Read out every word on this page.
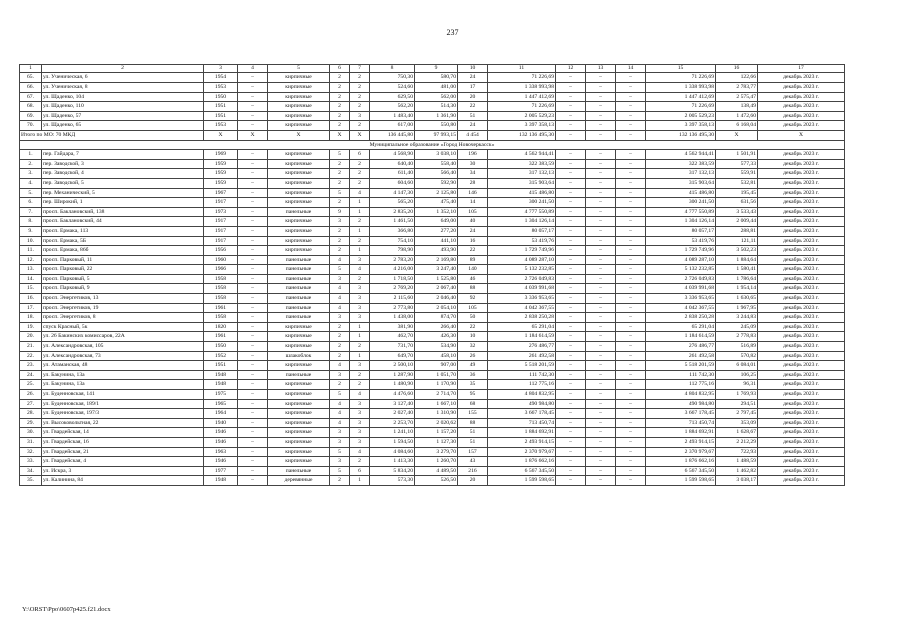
237
1	2	3	4	5	6	7	8	9	10	11	12	13	14	15	16	17
65.	ул. Ученическая, 6	1954	–	кирпичные	2	2	750,30	580,70	24	71 226,69	–	–	–	71 226,69	122,66	декабрь 2023 г.
66.	ул. Ученическая, 8	1953	–	кирпичные	2	2	524,60	481,00	17	1 338 993,98	–	–	–	1 338 993,98	2 783,77	декабрь 2023 г.
67.	ул. Щаденко, 104	1950	–	кирпичные	2	2	629,50	562,00	20	1 447 412,69	–	–	–	1 447 412,69	2 575,47	декабрь 2023 г.
68.	ул. Щаденко, 110	1951	–	кирпичные	2	2	562,20	514,30	22	71 226,69	–	–	–	71 226,69	138,49	декабрь 2023 г.
69.	ул. Щаденко, 57	1951	–	кирпичные	2	3	1 483,40	1 361,90	51	2 005 529,23	–	–	–	2 005 529,23	1 472,60	декабрь 2023 г.
70.	ул. Щаденко, 65	1953	–	кирпичные	2	2	617,00	550,80	24	3 397 358,13	–	–	–	3 397 358,13	6 168,04	декабрь 2023 г.
Итого по МО: 70 МКД		X	X	X	X	X	136 445,80	97 993,15	4 454	132 136 495,30	–	–	–	132 136 495,30	X	X
Муниципальное образование «Город Новочеркасск»																
1.	пер. Гайдара, 7	1969	–	кирпичные	5	6	4 568,90	3 038,10	196	4 562 944,41	–	–	–	4 562 944,41	1 501,91	декабрь 2023 г.
2.	пер. Заводской, 3	1959	–	кирпичные	2	2	640,40	558,40	30	322 383,59	–	–	–	322 383,59	577,33	декабрь 2023 г.
3.	пер. Заводской, 4	1959	–	кирпичные	2	2	611,40	566,40	34	317 132,13	–	–	–	317 132,13	559,91	декабрь 2023 г.
4.	пер. Заводской, 5	1959	–	кирпичные	2	2	604,60	592,90	28	315 903,64	–	–	–	315 903,64	532,81	декабрь 2023 г.
5.	пер. Механический, 5	1967	–	кирпичные	5	4	4 147,30	2 125,80	146	415 486,80	–	–	–	415 486,80	195,45	декабрь 2023 г.
6.	пер. Широкий, 1	1917	–	кирпичные	2	1	565,20	475,40	14	300 241,50	–	–	–	300 241,50	631,56	декабрь 2023 г.
7.	просп. Баклановский, 138	1973	–	панельные	9	1	2 835,20	1 352,10	105	4 777 550,89	–	–	–	4 777 550,89	3 533,43	декабрь 2023 г.
8.	просп. Баклановский, 44	1917	–	кирпичные	3	2	1 461,50	649,00	40	1 304 126,14	–	–	–	1 304 126,14	2 009,44	декабрь 2023 г.
9.	просп. Ермака, 113	1917	–	кирпичные	2	1	366,80	277,20	24	80 057,17	–	–	–	80 057,17	288,81	декабрь 2023 г.
10.	просп. Ермака, 5Б	1917	–	кирпичные	2	2	754,10	441,10	16	53 419,76	–	–	–	53 419,76	121,11	декабрь 2023 г.
11.	просп. Ермака, 86б	1956	–	кирпичные	2	1	798,90	493,90	22	1 729 749,96	–	–	–	1 729 749,96	3 502,23	декабрь 2023 г.
12.	просп. Парковый, 11	1960	–	панельные	4	3	2 783,20	2 169,80	89	4 089 287,10	–	–	–	4 089 287,10	1 884,64	декабрь 2023 г.
13.	просп. Парковый, 22	1966	–	панельные	5	4	4 216,00	3 247,40	140	5 132 232,85	–	–	–	5 132 232,85	1 580,41	декабрь 2023 г.
14.	просп. Парковый, 5	1958	–	панельные	3	2	1 718,50	1 525,80	46	2 726 049,83	–	–	–	2 726 049,83	1 786,64	декабрь 2023 г.
15.	просп. Парковый, 9	1958	–	панельные	4	3	2 769,20	2 067,40	88	4 039 991,68	–	–	–	4 039 991,68	1 954,14	декабрь 2023 г.
16.	просп. Энергетиков, 13	1958	–	панельные	4	3	2 115,60	2 046,40	92	3 336 953,65	–	–	–	3 336 953,65	1 630,65	декабрь 2023 г.
17.	просп. Энергетиков, 19	1961	–	панельные	4	3	2 773,80	2 054,10	105	4 042 367,55	–	–	–	4 042 367,55	1 967,95	декабрь 2023 г.
18.	просп. Энергетиков, 8	1958	–	панельные	3	3	1 438,00	874,70	50	2 838 250,28	–	–	–	2 838 250,28	3 244,83	декабрь 2023 г.
19.	спуск Красный, 5к	1820	–	кирпичные	2	1	381,90	266,40	22	65 291,04	–	–	–	65 291,04	245,09	декабрь 2023 г.
20.	ул. 26 Бакинских комиссаров, 22А	1961	–	кирпичные	2	1	462,70	426,30	10	1 184 614,59	–	–	–	1 184 614,59	2 778,83	декабрь 2023 г.
21.	ул. Александровская, 105	1950	–	кирпичные	2	2	731,70	534,90	32	276 486,77	–	–	–	276 486,77	516,89	декабрь 2023 г.
22.	ул. Александровская, 73	1952	–	шлакоблок	2	1	649,70	458,10	26	261 492,58	–	–	–	261 492,58	570,82	декабрь 2023 г.
23.	ул. Атаманская, 48	1951	–	кирпичные	4	3	2 500,10	907,00	49	5 518 201,59	–	–	–	5 518 201,59	6 084,01	декабрь 2023 г.
24.	ул. Бакунина, 13а	1948	–	панельные	3	2	1 287,90	1 051,70	36	111 742,30	–	–	–	111 742,30	106,25	декабрь 2023 г.
25.	ул. Бакунина, 13а	1948	–	кирпичные	2	2	1 480,90	1 170,90	35	112 775,16	–	–	–	112 775,16	96,31	декабрь 2023 г.
26.	ул. Буденновская, 141	1975	–	кирпичные	5	4	4 476,60	2 714,70	95	4 804 832,95	–	–	–	4 804 832,95	1 769,93	декабрь 2023 г.
27.	ул. Буденновская, 189/1	1965	–	кирпичные	4	3	3 127,40	1 667,10	68	490 984,80	–	–	–	490 984,80	294,51	декабрь 2023 г.
28.	ул. Буденновская, 197/3	1964	–	кирпичные	4	3	2 027,40	1 310,90	155	3 667 178,45	–	–	–	3 667 178,45	2 797,45	декабрь 2023 г.
29.	ул. Высоковольтная, 22	1940	–	кирпичные	4	3	2 253,70	2 020,62	88	713 450,74	–	–	–	713 450,74	353,09	декабрь 2023 г.
30.	ул. Гвардейская, 14	1946	–	кирпичные	3	3	1 241,10	1 157,20	51	1 884 692,91	–	–	–	1 884 692,91	1 628,67	декабрь 2023 г.
31.	ул. Гвардейская, 16	1946	–	кирпичные	3	3	1 594,50	1 127,30	51	2 493 914,15	–	–	–	2 493 914,15	2 212,29	декабрь 2023 г.
32.	ул. Гвардейская, 21	1963	–	кирпичные	5	4	4 084,60	3 279,70	157	2 370 979,67	–	–	–	2 370 979,67	722,93	декабрь 2023 г.
33.	ул. Гвардейская, 4	1946	–	кирпичные	3	2	1 413,30	1 260,70	43	1 876 662,16	–	–	–	1 876 662,16	1 488,59	декабрь 2023 г.
34.	ул. Искра, 3	1977	–	панельные	5	6	5 834,20	4 489,50	216	6 567 345,50	–	–	–	6 567 345,50	1 462,82	декабрь 2023 г.
35.	ул. Калинина, 84	1948	–	деревянные	2	1	573,30	526,50	20	1 599 598,65	–	–	–	1 599 598,65	3 038,17	декабрь 2023 г.
Y:\ORST\Ppo\0607p425.f21.docx
